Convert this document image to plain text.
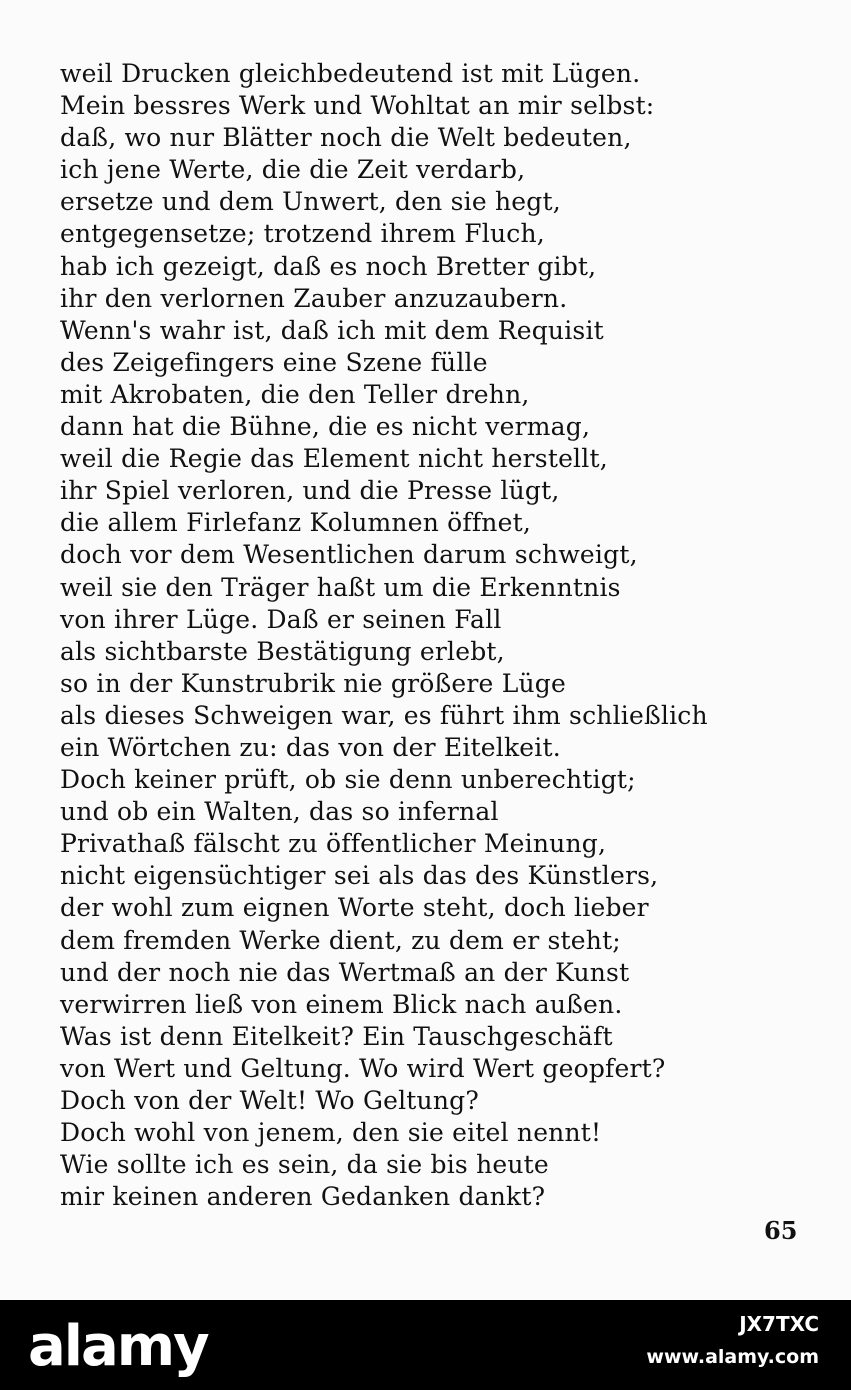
weil Drucken gleichbedeutend ist mit Lügen.
Mein bessres Werk und Wohltat an mir selbst:
daß, wo nur Blätter noch die Welt bedeuten,
ich jene Werte, die die Zeit verdarb,
ersetze und dem Unwert, den sie hegt,
entgegensetze; trotzend ihrem Fluch,
hab ich gezeigt, daß es noch Bretter gibt,
ihr den verlornen Zauber anzuzaubern.
Wenn's wahr ist, daß ich mit dem Requisit
des Zeigefingers eine Szene fülle
mit Akrobaten, die den Teller drehn,
dann hat die Bühne, die es nicht vermag,
weil die Regie das Element nicht herstellt,
ihr Spiel verloren, und die Presse lügt,
die allem Firlefanz Kolumnen öffnet,
doch vor dem Wesentlichen darum schweigt,
weil sie den Träger haßt um die Erkenntnis
von ihrer Lüge. Daß er seinen Fall
als sichtbarste Bestätigung erlebt,
so in der Kunstrubrik nie größere Lüge
als dieses Schweigen war, es führt ihm schließlich
ein Wörtchen zu: das von der Eitelkeit.
Doch keiner prüft, ob sie denn unberechtigt;
und ob ein Walten, das so infernal
Privathaß fälscht zu öffentlicher Meinung,
nicht eigensüchtiger sei als das des Künstlers,
der wohl zum eignen Worte steht, doch lieber
dem fremden Werke dient, zu dem er steht;
und der noch nie das Wertmaß an der Kunst
verwirren ließ von einem Blick nach außen.
Was ist denn Eitelkeit? Ein Tauschgeschäft
von Wert und Geltung. Wo wird Wert geopfert?
Doch von der Welt! Wo Geltung?
Doch wohl von jenem, den sie eitel nennt!
Wie sollte ich es sein, da sie bis heute
mir keinen anderen Gedanken dankt?
65
alamy	JX7TXC
www.alamy.com
